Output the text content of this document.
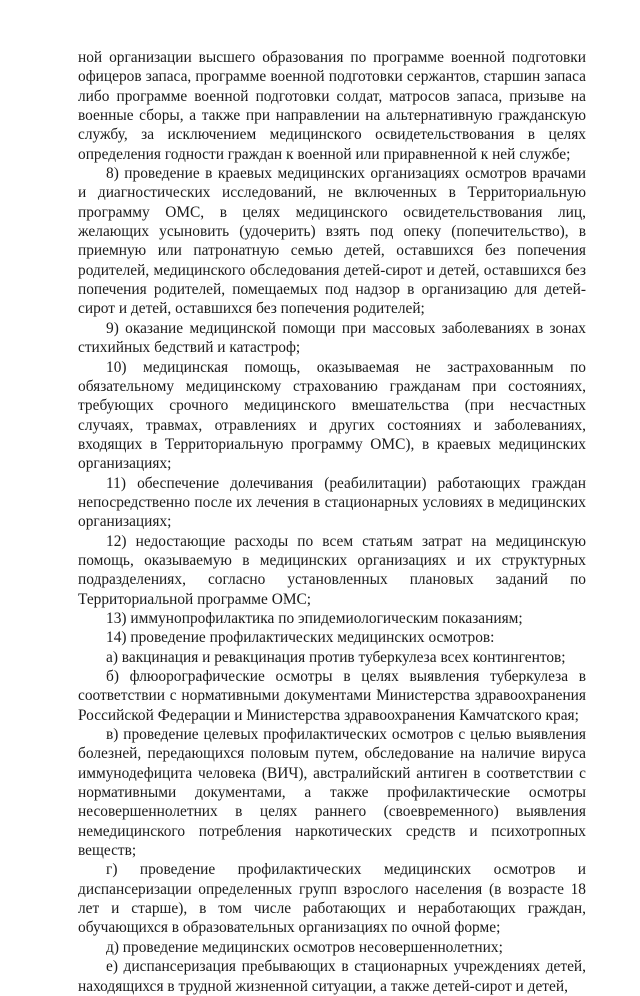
ной организации высшего образования по программе военной подготовки офицеров запаса, программе военной подготовки сержантов, старшин запаса либо программе военной подготовки солдат, матросов запаса, призыве на военные сборы, а также при направлении на альтернативную гражданскую службу, за исключением медицинского освидетельствования в целях определения годности граждан к военной или приравненной к ней службе;

8) проведение в краевых медицинских организациях осмотров врачами и диагностических исследований, не включенных в Территориальную программу ОМС, в целях медицинского освидетельствования лиц, желающих усыновить (удочерить) взять под опеку (попечительство), в приемную или патронатную семью детей, оставшихся без попечения родителей, медицинского обследования детей-сирот и детей, оставшихся без попечения родителей, помещаемых под надзор в организацию для детей-сирот и детей, оставшихся без попечения родителей;

9) оказание медицинской помощи при массовых заболеваниях в зонах стихийных бедствий и катастроф;

10) медицинская помощь, оказываемая не застрахованным по обязательному медицинскому страхованию гражданам при состояниях, требующих срочного медицинского вмешательства (при несчастных случаях, травмах, отравлениях и других состояниях и заболеваниях, входящих в Территориальную программу ОМС), в краевых медицинских организациях;

11) обеспечение долечивания (реабилитации) работающих граждан непосредственно после их лечения в стационарных условиях в медицинских организациях;

12) недостающие расходы по всем статьям затрат на медицинскую помощь, оказываемую в медицинских организациях и их структурных подразделениях, согласно установленных плановых заданий по Территориальной программе ОМС;

13) иммунопрофилактика по эпидемиологическим показаниям;

14) проведение профилактических медицинских осмотров:

а) вакцинация и ревакцинация против туберкулеза всех контингентов;

б) флюорографические осмотры в целях выявления туберкулеза в соответствии с нормативными документами Министерства здравоохранения Российской Федерации и Министерства здравоохранения Камчатского края;

в) проведение целевых профилактических осмотров с целью выявления болезней, передающихся половым путем, обследование на наличие вируса иммунодефицита человека (ВИЧ), австралийский антиген в соответствии с нормативными документами, а также профилактические осмотры несовершеннолетних в целях раннего (своевременного) выявления немедицинского потребления наркотических средств и психотропных веществ;

г) проведение профилактических медицинских осмотров и диспансеризации определенных групп взрослого населения (в возрасте 18 лет и старше), в том числе работающих и неработающих граждан, обучающихся в образовательных организациях по очной форме;

д) проведение медицинских осмотров несовершеннолетних;

е) диспансеризация пребывающих в стационарных учреждениях детей, находящихся в трудной жизненной ситуации, а также детей-сирот и детей,
